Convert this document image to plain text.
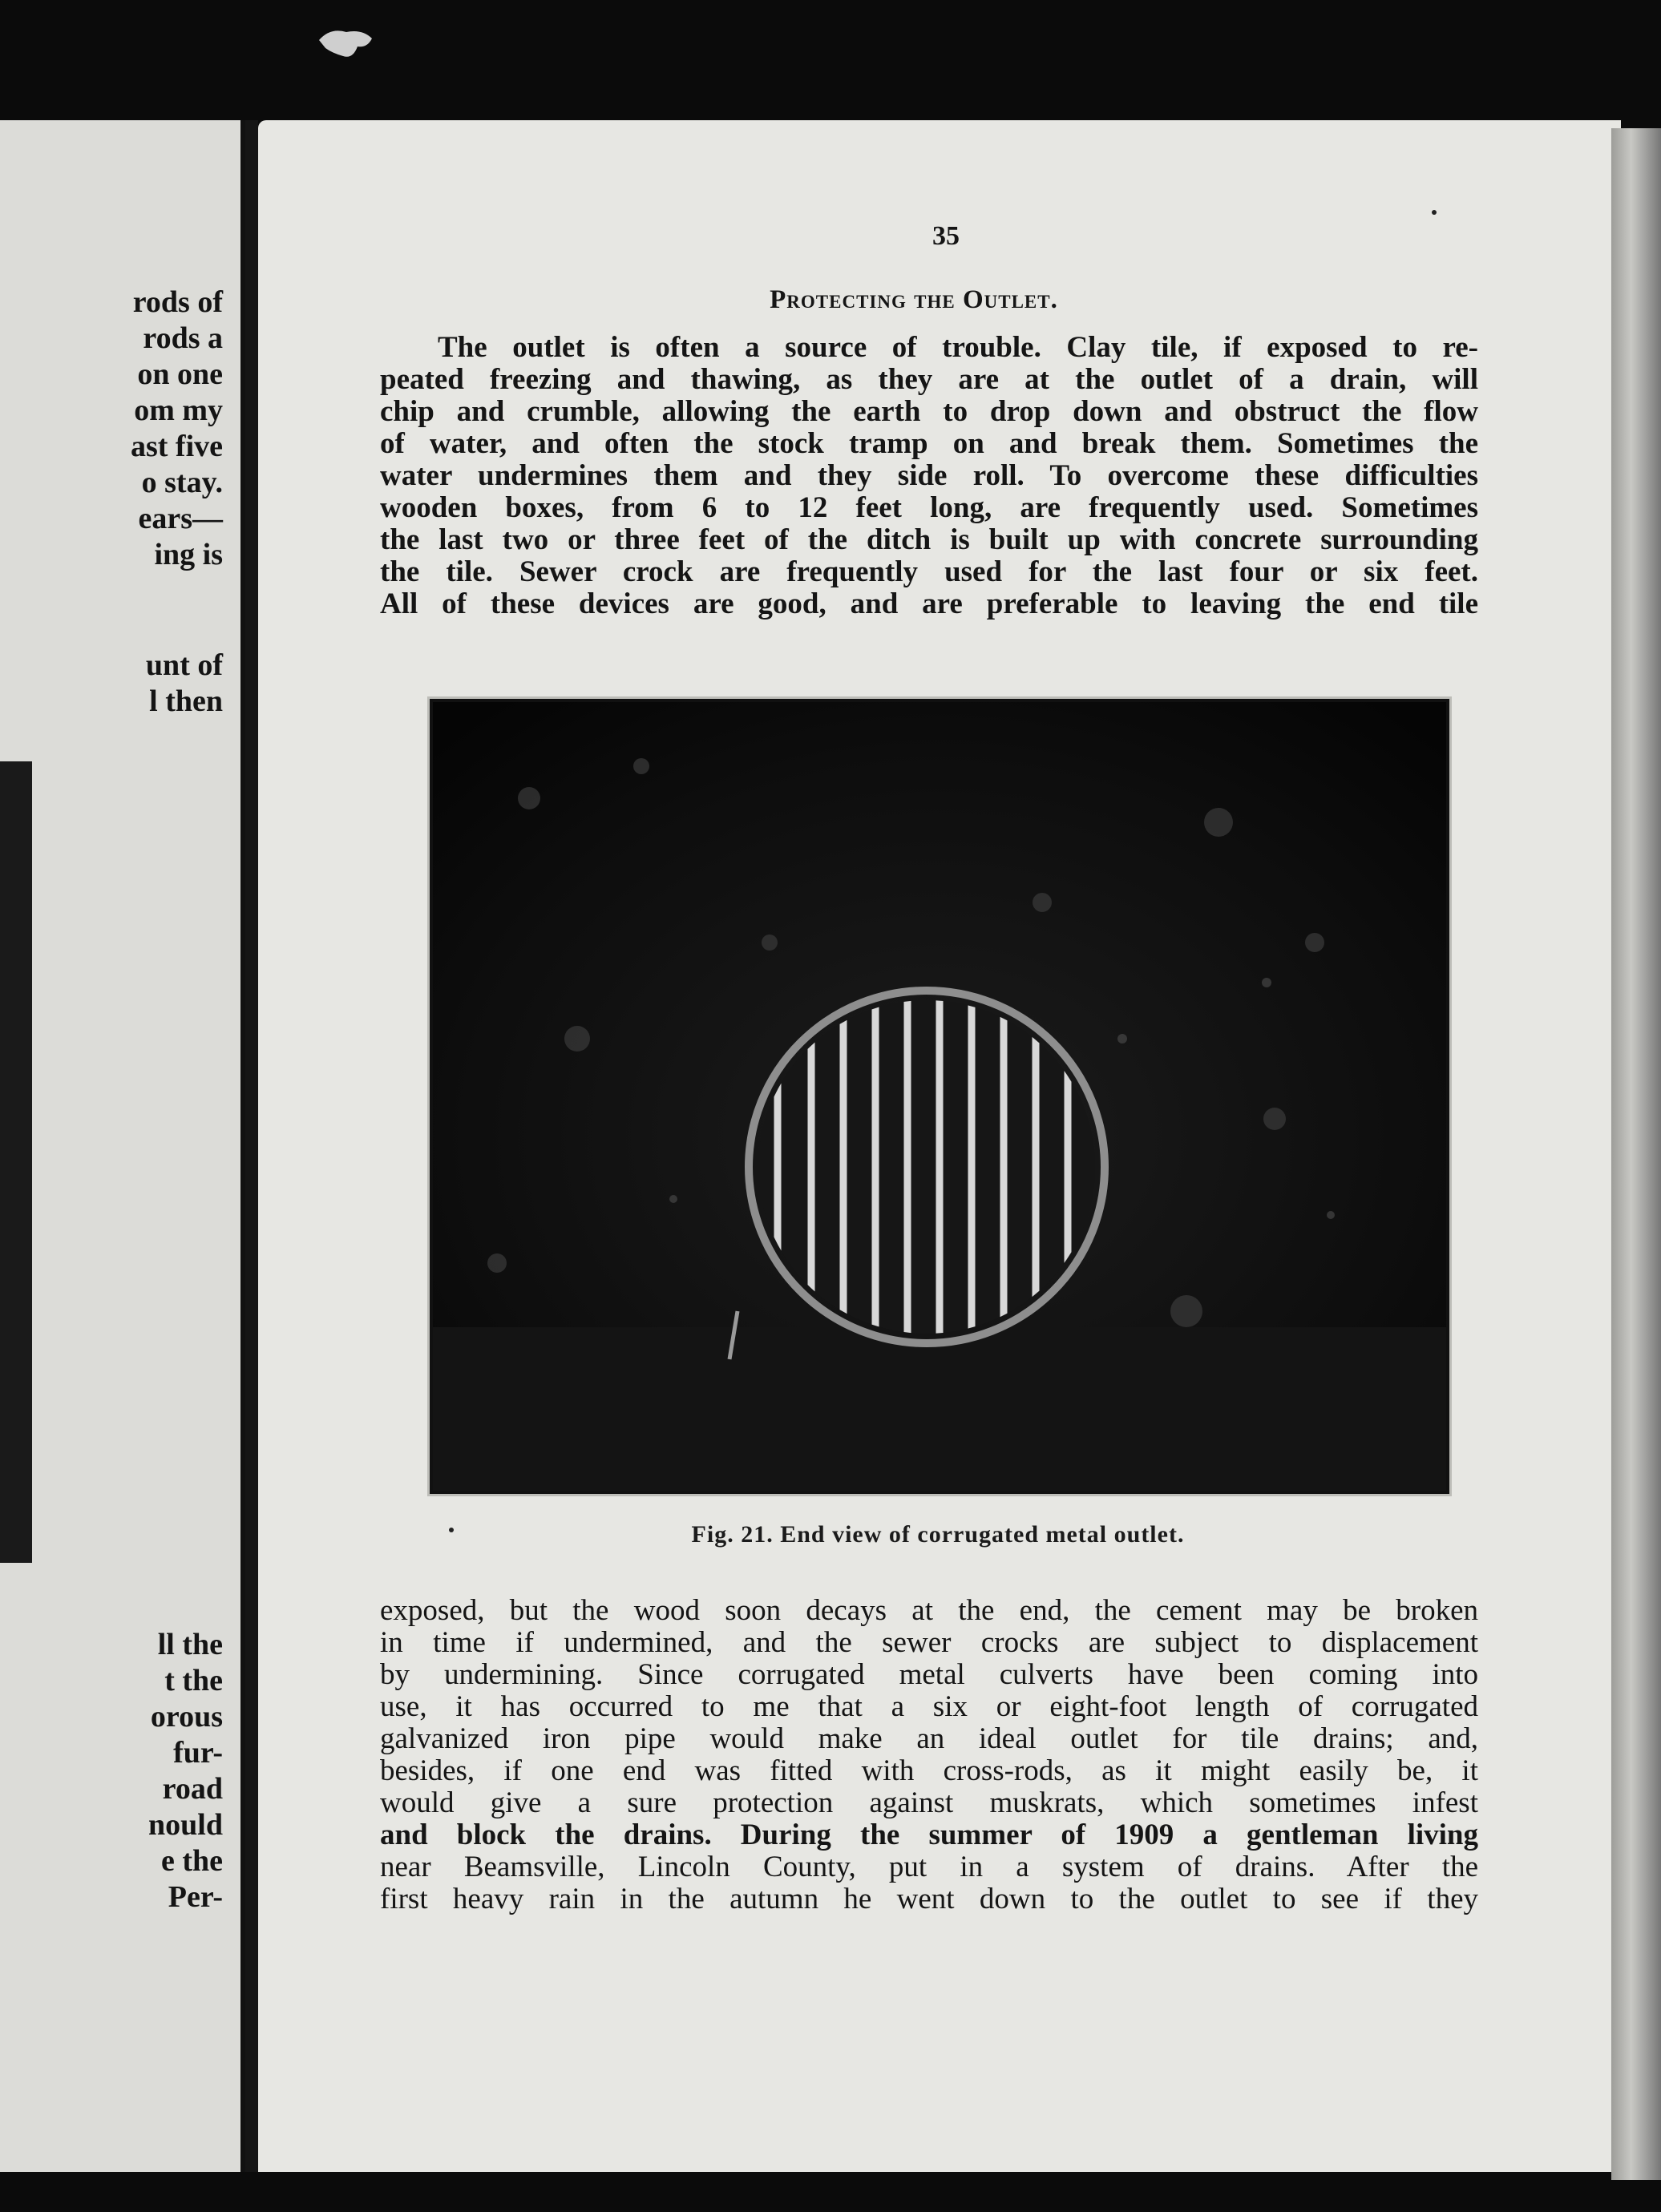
rods of
rods a
on one
om my
ast five
o stay.
ears—
ing is
unt of
l then
ll the
t the
orous
fur-
road
nould
e the
Per-
35
Protecting the Outlet.
The outlet is often a source of trouble. Clay tile, if exposed to re-
peated freezing and thawing, as they are at the outlet of a drain, will
chip and crumble, allowing the earth to drop down and obstruct the flow
of water, and often the stock tramp on and break them. Sometimes the
water undermines them and they side roll. To overcome these difficulties
wooden boxes, from 6 to 12 feet long, are frequently used. Sometimes
the last two or three feet of the ditch is built up with concrete surrounding
the tile. Sewer crock are frequently used for the last four or six feet.
All of these devices are good, and are preferable to leaving the end tile
Fig. 21. End view of corrugated metal outlet.
exposed, but the wood soon decays at the end, the cement may be broken
in time if undermined, and the sewer crocks are subject to displacement
by undermining. Since corrugated metal culverts have been coming into
use, it has occurred to me that a six or eight-foot length of corrugated
galvanized iron pipe would make an ideal outlet for tile drains; and,
besides, if one end was fitted with cross-rods, as it might easily be, it
would give a sure protection against muskrats, which sometimes infest
and block the drains. During the summer of 1909 a gentleman living
near Beamsville, Lincoln County, put in a system of drains. After the
first heavy rain in the autumn he went down to the outlet to see if they
